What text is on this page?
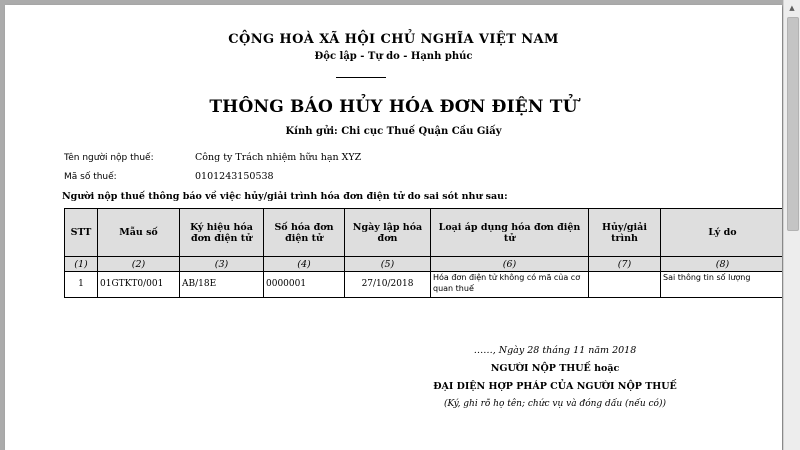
CỘNG HOÀ XÃ HỘI CHỦ NGHĨA VIỆT NAM
Độc lập - Tự do - Hạnh phúc
THÔNG BÁO HỦY HÓA ĐƠN ĐIỆN TỬ
Kính gửi: Chi cục Thuế Quận Cầu Giấy
Tên người nộp thuế:	Công ty Trách nhiệm hữu hạn XYZ
Mã số thuế:	0101243150538
Người nộp thuế thông báo về việc hủy/giải trình hóa đơn điện tử do sai sót như sau:
STT	Mẫu số	Ký hiệu hóa đơn điện tử	Số hóa đơn điện tử	Ngày lập hóa đơn	Loại áp dụng hóa đơn điện tử	Hủy/giải trình	Lý do
(1)	(2)	(3)	(4)	(5)	(6)	(7)	(8)
1	01GTKT0/001	AB/18E	0000001	27/10/2018	Hóa đơn điện tử không có mã của cơ quan thuế		Sai thông tin số lượng
……, Ngày 28 tháng 11 năm 2018
NGƯỜI NỘP THUẾ hoặc
ĐẠI DIỆN HỢP PHÁP CỦA NGƯỜI NỘP THUẾ
(Ký, ghi rõ họ tên; chức vụ và đóng dấu (nếu có))
▲
